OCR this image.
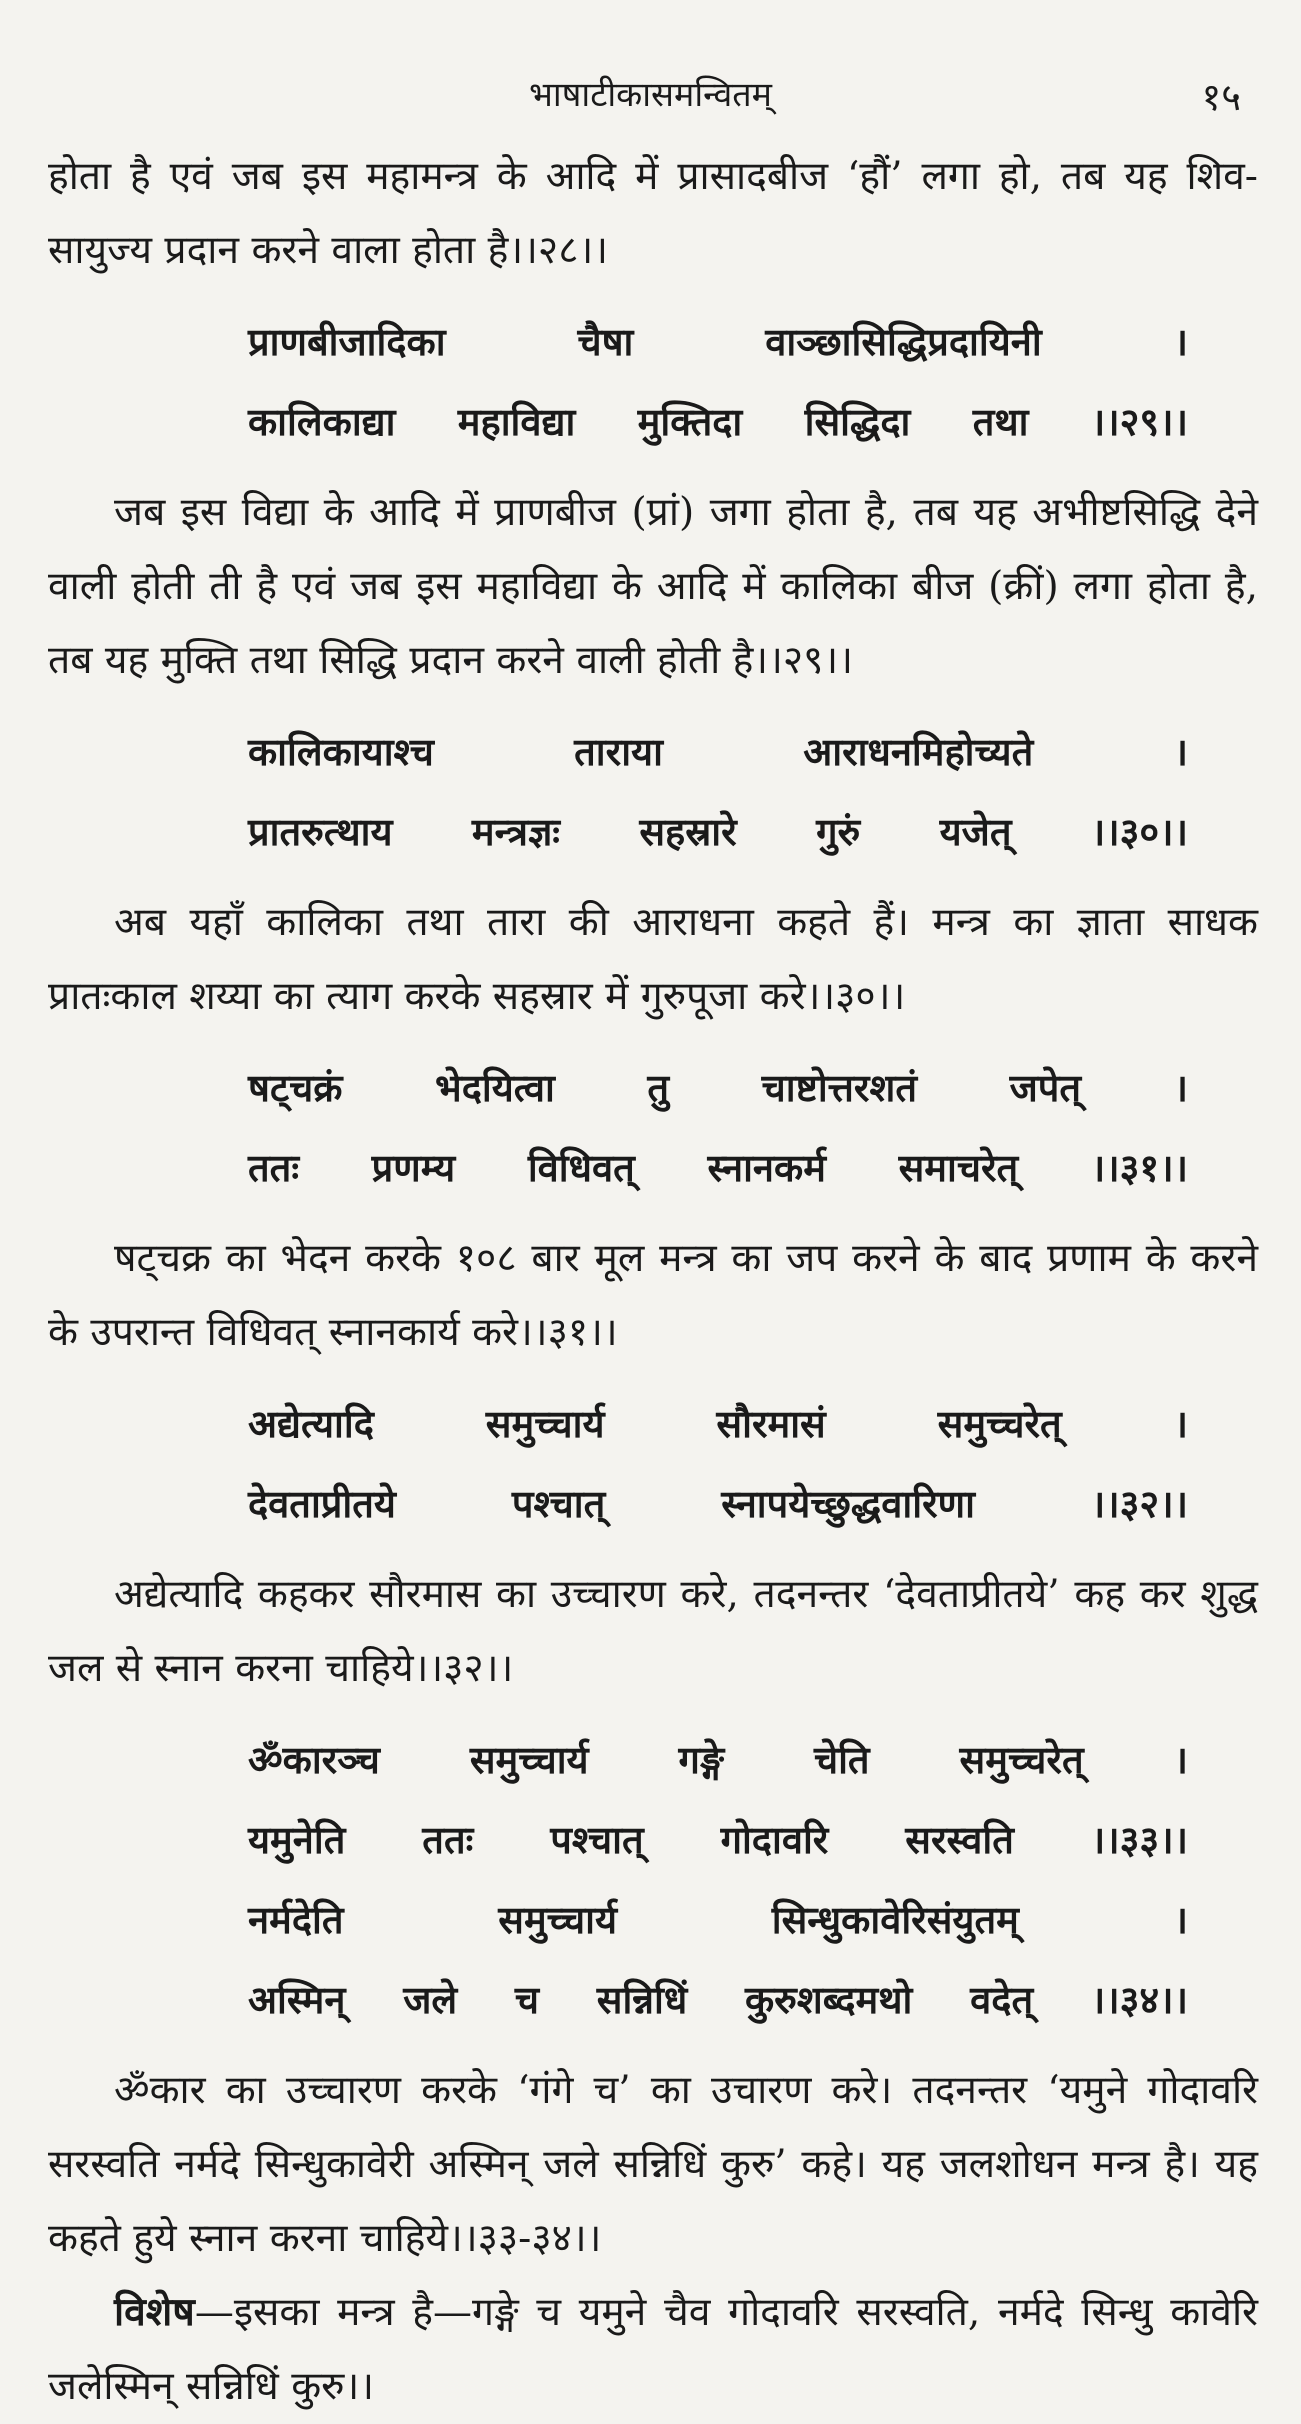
भाषाटीकासमन्वितम्	१५

होता है एवं जब इस महामन्त्र के आदि में प्रासादबीज ‘हौं’ लगा हो, तब यह शिव-सायुज्य प्रदान करने वाला होता है।।२८।।

प्राणबीजादिका चैषा वाञ्छासिद्धिप्रदायिनी ।
कालिकाद्या महाविद्या मुक्तिदा सिद्धिदा तथा ।।२९।।

जब इस विद्या के आदि में प्राणबीज (प्रां) जगा होता है, तब यह अभीष्टसिद्धि देने वाली होती ती है एवं जब इस महाविद्या के आदि में कालिका बीज (क्रीं) लगा होता है, तब यह मुक्ति तथा सिद्धि प्रदान करने वाली होती है।।२९।।

कालिकायाश्च ताराया आराधनमिहोच्यते ।
प्रातरुत्थाय मन्त्रज्ञः सहस्रारे गुरुं यजेत् ।।३०।।

अब यहाँ कालिका तथा तारा की आराधना कहते हैं। मन्त्र का ज्ञाता साधक प्रातःकाल शय्या का त्याग करके सहस्रार में गुरुपूजा करे।।३०।।

षट्चक्रं भेदयित्वा तु चाष्टोत्तरशतं जपेत् ।
ततः प्रणम्य विधिवत् स्नानकर्म समाचरेत् ।।३१।।

षट्चक्र का भेदन करके १०८ बार मूल मन्त्र का जप करने के बाद प्रणाम के करने के उपरान्त विधिवत् स्नानकार्य करे।।३१।।

अद्येत्यादि समुच्चार्य सौरमासं समुच्चरेत् ।
देवताप्रीतये पश्चात् स्नापयेच्छुद्धवारिणा ।।३२।।

अद्येत्यादि कहकर सौरमास का उच्चारण करे, तदनन्तर ‘देवताप्रीतये’ कह कर शुद्ध जल से स्नान करना चाहिये।।३२।।

ॐकारञ्च समुच्चार्य गङ्गे चेति समुच्चरेत् ।
यमुनेति ततः पश्चात् गोदावरि सरस्वति ।।३३।।
नर्मदेति समुच्चार्य सिन्धुकावेरिसंयुतम् ।
अस्मिन् जले च सन्निधिं कुरुशब्दमथो वदेत् ।।३४।।

ॐकार का उच्चारण करके ‘गंगे च’ का उचारण करे। तदनन्तर ‘यमुने गोदावरि सरस्वति नर्मदे सिन्धुकावेरी अस्मिन् जले सन्निधिं कुरु’ कहे। यह जलशोधन मन्त्र है। यह कहते हुये स्नान करना चाहिये।।३३-३४।।

विशेष—इसका मन्त्र है—गङ्गे च यमुने चैव गोदावरि सरस्वति, नर्मदे सिन्धु कावेरि जलेस्मिन् सन्निधिं कुरु।।
